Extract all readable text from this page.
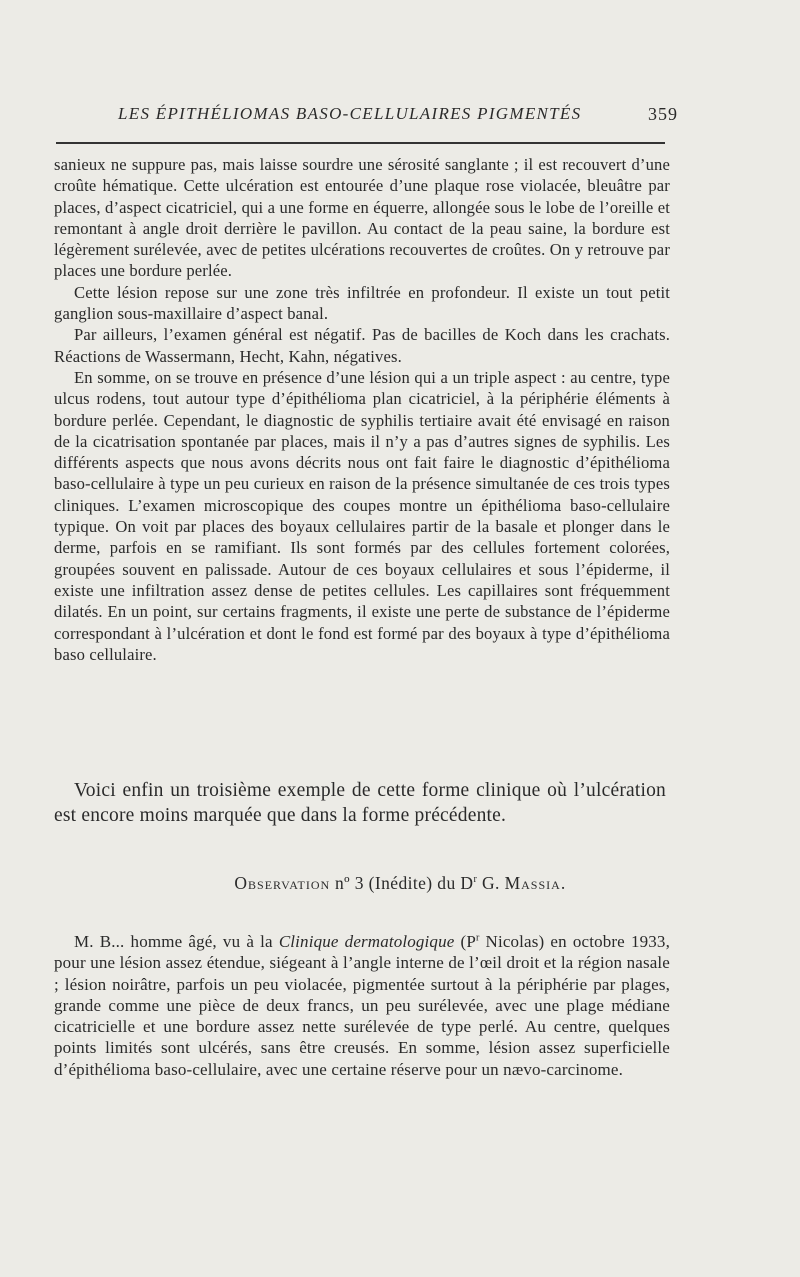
LES ÉPITHÉLIOMAS BASO-CELLULAIRES PIGMENTÉS	359

sanieux ne suppure pas, mais laisse sourdre une sérosité sanglante ; il est recouvert d’une croûte hématique. Cette ulcération est entourée d’une plaque rose violacée, bleuâtre par places, d’aspect cicatriciel, qui a une forme en équerre, allongée sous le lobe de l’oreille et remontant à angle droit derrière le pavillon. Au contact de la peau saine, la bordure est légèrement surélevée, avec de petites ulcérations recouvertes de croûtes. On y retrouve par places une bordure perlée.

Cette lésion repose sur une zone très infiltrée en profondeur. Il existe un tout petit ganglion sous-maxillaire d’aspect banal.

Par ailleurs, l’examen général est négatif. Pas de bacilles de Koch dans les crachats. Réactions de Wassermann, Hecht, Kahn, négatives.

En somme, on se trouve en présence d’une lésion qui a un triple aspect : au centre, type ulcus rodens, tout autour type d’épithélioma plan cicatriciel, à la périphérie éléments à bordure perlée. Cependant, le diagnostic de syphilis tertiaire avait été envisagé en raison de la cicatrisation spontanée par places, mais il n’y a pas d’autres signes de syphilis. Les différents aspects que nous avons décrits nous ont fait faire le diagnostic d’épithélioma baso-cellulaire à type un peu curieux en raison de la présence simultanée de ces trois types cliniques. L’examen microscopique des coupes montre un épithélioma baso-cellulaire typique. On voit par places des boyaux cellulaires partir de la basale et plonger dans le derme, parfois en se ramifiant. Ils sont formés par des cellules fortement colorées, groupées souvent en palissade. Autour de ces boyaux cellulaires et sous l’épiderme, il existe une infiltration assez dense de petites cellules. Les capillaires sont fréquemment dilatés. En un point, sur certains fragments, il existe une perte de substance de l’épiderme correspondant à l’ulcération et dont le fond est formé par des boyaux à type d’épithélioma baso cellulaire.

Voici enfin un troisième exemple de cette forme clinique où l’ulcération est encore moins marquée que dans la forme précédente.

Observation nº 3 (Inédite) du $D^r$ G. Massia.

M. B... homme âgé, vu à la Clinique dermatologique ($P^r$ Nicolas) en octobre 1933, pour une lésion assez étendue, siégeant à l’angle interne de l’œil droit et la région nasale ; lésion noirâtre, parfois un peu violacée, pigmentée surtout à la périphérie par plages, grande comme une pièce de deux francs, un peu surélevée, avec une plage médiane cicatricielle et une bordure assez nette surélevée de type perlé. Au centre, quelques points limités sont ulcérés, sans être creusés. En somme, lésion assez superficielle d’épithélioma baso-cellulaire, avec une certaine réserve pour un nævo-carcinome.
